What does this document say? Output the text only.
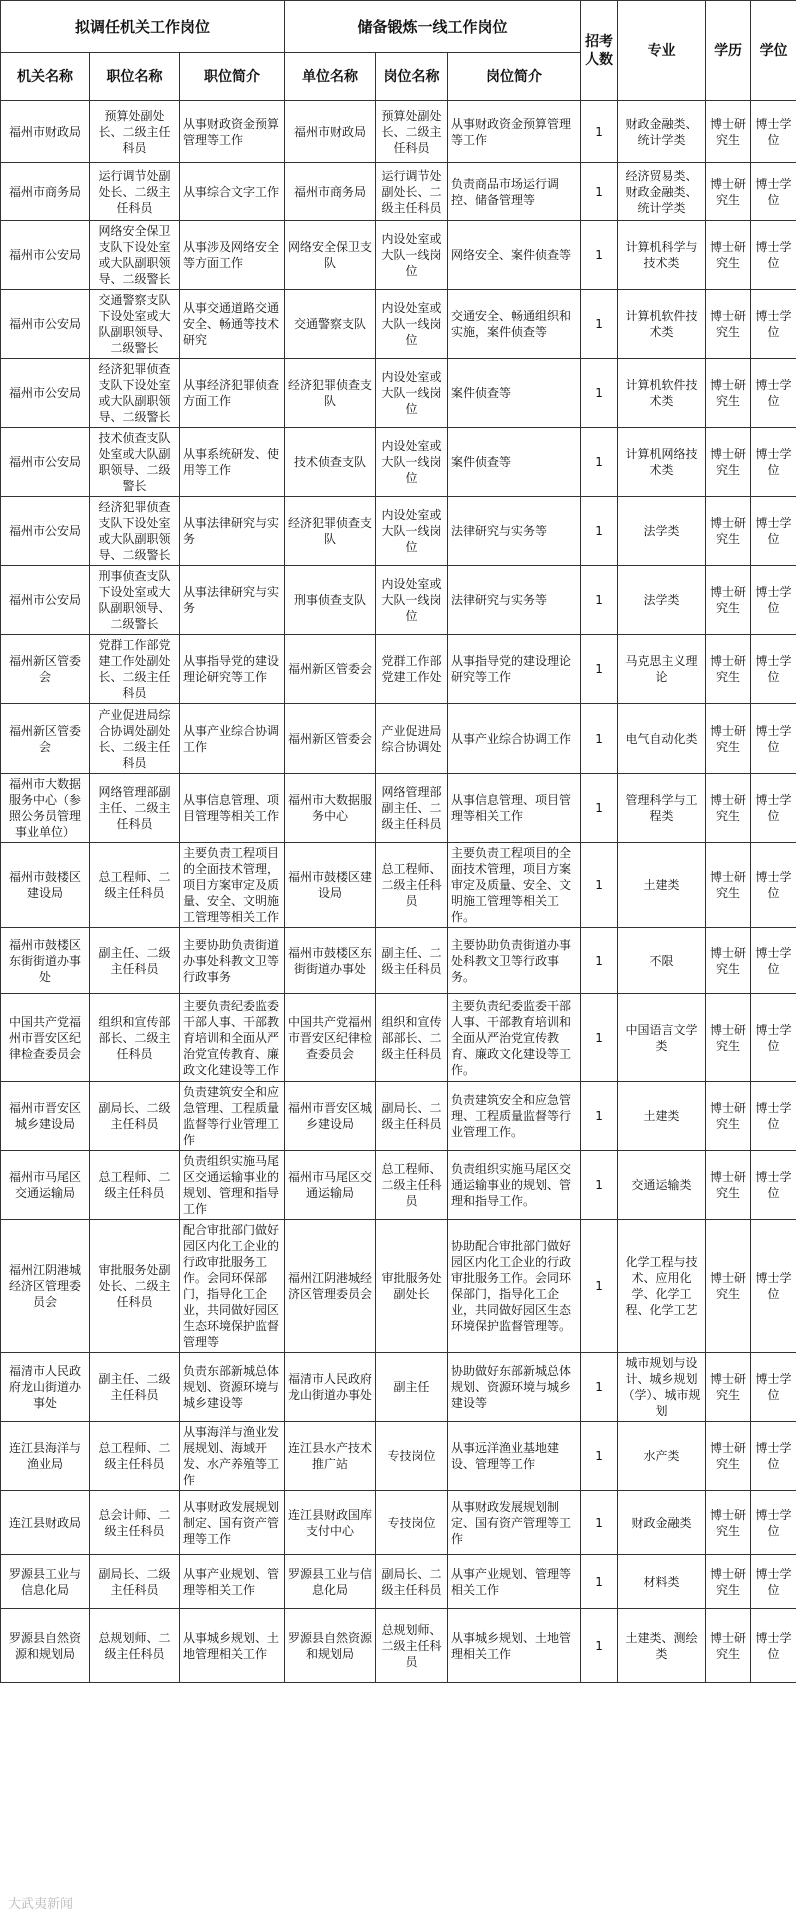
拟调任机关工作岗位			储备锻炼一线工作岗位			招考人数	专业	学历	学位
机关名称	职位名称	职位简介	单位名称	岗位名称	岗位简介				
福州市财政局	预算处副处长、二级主任科员	从事财政资金预算管理等工作	福州市财政局	预算处副处长、二级主任科员	从事财政资金预算管理等工作	1	财政金融类、统计学类	博士研究生	博士学位
福州市商务局	运行调节处副处长、二级主任科员	从事综合文字工作	福州市商务局	运行调节处副处长、二级主任科员	负责商品市场运行调控、储备管理等	1	经济贸易类、财政金融类、统计学类	博士研究生	博士学位
福州市公安局	网络安全保卫支队下设处室或大队副职领导、二级警长	从事涉及网络安全等方面工作	网络安全保卫支队	内设处室或大队一线岗位	网络安全、案件侦查等	1	计算机科学与技术类	博士研究生	博士学位
福州市公安局	交通警察支队下设处室或大队副职领导、二级警长	从事交通道路交通安全、畅通等技术研究	交通警察支队	内设处室或大队一线岗位	交通安全、畅通组织和实施，案件侦查等	1	计算机软件技术类	博士研究生	博士学位
福州市公安局	经济犯罪侦查支队下设处室或大队副职领导、二级警长	从事经济犯罪侦查方面工作	经济犯罪侦查支队	内设处室或大队一线岗位	案件侦查等	1	计算机软件技术类	博士研究生	博士学位
福州市公安局	技术侦查支队处室或大队副职领导、二级警长	从事系统研发、使用等工作	技术侦查支队	内设处室或大队一线岗位	案件侦查等	1	计算机网络技术类	博士研究生	博士学位
福州市公安局	经济犯罪侦查支队下设处室或大队副职领导、二级警长	从事法律研究与实务	经济犯罪侦查支队	内设处室或大队一线岗位	法律研究与实务等	1	法学类	博士研究生	博士学位
福州市公安局	刑事侦查支队下设处室或大队副职领导、二级警长	从事法律研究与实务	刑事侦查支队	内设处室或大队一线岗位	法律研究与实务等	1	法学类	博士研究生	博士学位
福州新区管委会	党群工作部党建工作处副处长、二级主任科员	从事指导党的建设理论研究等工作	福州新区管委会	党群工作部党建工作处	从事指导党的建设理论研究等工作	1	马克思主义理论	博士研究生	博士学位
福州新区管委会	产业促进局综合协调处副处长、二级主任科员	从事产业综合协调工作	福州新区管委会	产业促进局综合协调处	从事产业综合协调工作	1	电气自动化类	博士研究生	博士学位
福州市大数据服务中心（参照公务员管理事业单位）	网络管理部副主任、二级主任科员	从事信息管理、项目管理等相关工作	福州市大数据服务中心	网络管理部副主任、二级主任科员	从事信息管理、项目管理等相关工作	1	管理科学与工程类	博士研究生	博士学位
福州市鼓楼区建设局	总工程师、二级主任科员	主要负责工程项目的全面技术管理，项目方案审定及质量、安全、文明施工管理等相关工作	福州市鼓楼区建设局	总工程师、二级主任科员	主要负责工程项目的全面技术管理，项目方案审定及质量、安全、文明施工管理等相关工作。	1	土建类	博士研究生	博士学位
福州市鼓楼区东街街道办事处	副主任、二级主任科员	主要协助负责街道办事处科教文卫等行政事务	福州市鼓楼区东街街道办事处	副主任、二级主任科员	主要协助负责街道办事处科教文卫等行政事务。	1	不限	博士研究生	博士学位
中国共产党福州市晋安区纪律检查委员会	组织和宣传部部长、二级主任科员	主要负责纪委监委干部人事、干部教育培训和全面从严治党宣传教育、廉政文化建设等工作	中国共产党福州市晋安区纪律检查委员会	组织和宣传部部长、二级主任科员	主要负责纪委监委干部人事、干部教育培训和全面从严治党宣传教育、廉政文化建设等工作。	1	中国语言文学类	博士研究生	博士学位
福州市晋安区城乡建设局	副局长、二级主任科员	负责建筑安全和应急管理、工程质量监督等行业管理工作	福州市晋安区城乡建设局	副局长、二级主任科员	负责建筑安全和应急管理、工程质量监督等行业管理工作。	1	土建类	博士研究生	博士学位
福州市马尾区交通运输局	总工程师、二级主任科员	负责组织实施马尾区交通运输事业的规划、管理和指导工作	福州市马尾区交通运输局	总工程师、二级主任科员	负责组织实施马尾区交通运输事业的规划、管理和指导工作。	1	交通运输类	博士研究生	博士学位
福州江阴港城经济区管理委员会	审批服务处副处长、二级主任科员	配合审批部门做好园区内化工企业的行政审批服务工作。会同环保部门，指导化工企业，共同做好园区生态环境保护监督管理等	福州江阴港城经济区管理委员会	审批服务处副处长	协助配合审批部门做好园区内化工企业的行政审批服务工作。会同环保部门，指导化工企业，共同做好园区生态环境保护监督管理等。	1	化学工程与技术、应用化学、化学工程、化学工艺	博士研究生	博士学位
福清市人民政府龙山街道办事处	副主任、二级主任科员	负责东部新城总体规划、资源环境与城乡建设等	福清市人民政府龙山街道办事处	副主任	协助做好东部新城总体规划、资源环境与城乡建设等	1	城市规划与设计、城乡规划（学）、城市规划	博士研究生	博士学位
连江县海洋与渔业局	总工程师、二级主任科员	从事海洋与渔业发展规划、海域开发、水产养殖等工作	连江县水产技术推广站	专技岗位	从事远洋渔业基地建设、管理等工作	1	水产类	博士研究生	博士学位
连江县财政局	总会计师、二级主任科员	从事财政发展规划制定、国有资产管理等工作	连江县财政国库支付中心	专技岗位	从事财政发展规划制定、国有资产管理等工作	1	财政金融类	博士研究生	博士学位
罗源县工业与信息化局	副局长、二级主任科员	从事产业规划、管理等相关工作	罗源县工业与信息化局	副局长、二级主任科员	从事产业规划、管理等相关工作	1	材料类	博士研究生	博士学位
罗源县自然资源和规划局	总规划师、二级主任科员	从事城乡规划、土地管理相关工作	罗源县自然资源和规划局	总规划师、二级主任科员	从事城乡规划、土地管理相关工作	1	土建类、测绘类	博士研究生	博士学位
大武夷新闻
